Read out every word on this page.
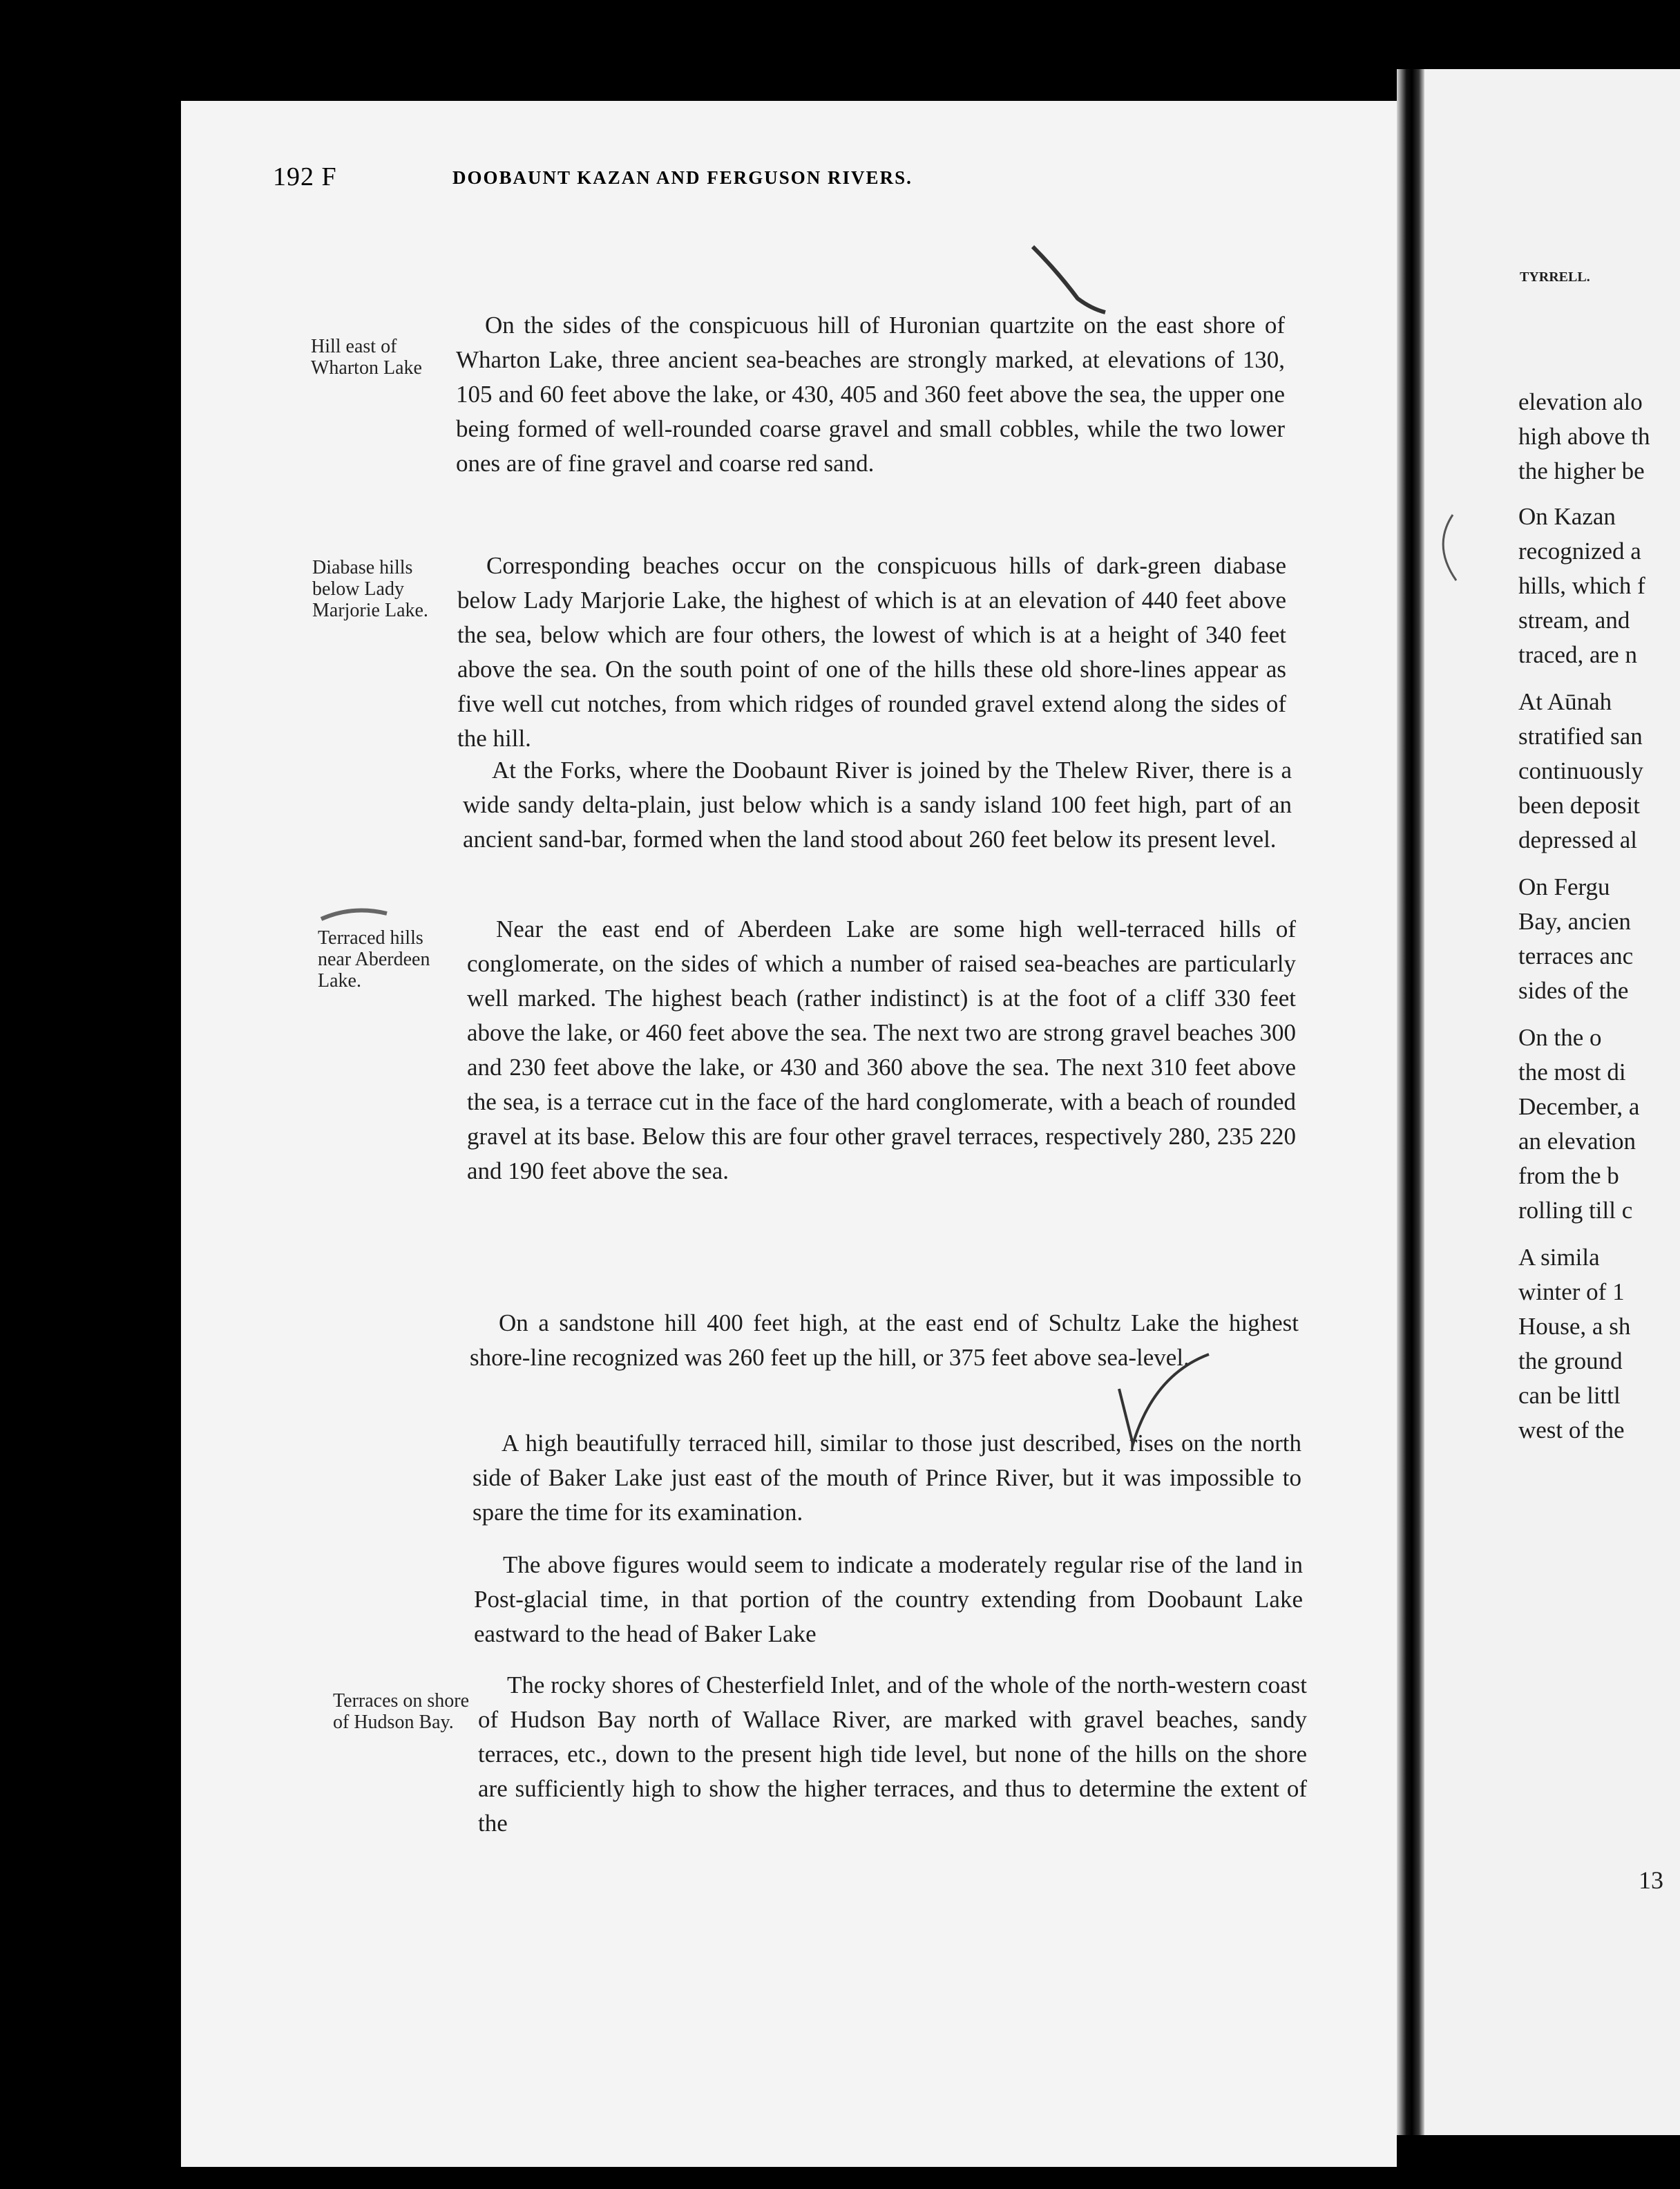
TYRRELL.
elevation alo
high above th
the higher be
On Kazan
recognized a
hills, which f
stream, and
traced, are n
At Aūnah
stratified san
continuously
been deposit
depressed al
On Fergu
Bay, ancien
terraces anc
sides of the
On the o
the most di
December, a
an elevation
from the b
rolling till c
A simila
winter of 1
House, a sh
the ground
can be littl
west of the
13
192 F	DOOBAUNT KAZAN AND FERGUSON RIVERS.
Hill east of Wharton Lake
Diabase hills below Lady Marjorie Lake.
Terraced hills near Aberdeen Lake.
Terraces on shore of Hudson Bay.

On the sides of the conspicuous hill of Huronian quartzite on the east shore of Wharton Lake, three ancient sea-beaches are strongly marked, at elevations of 130, 105 and 60 feet above the lake, or 430, 405 and 360 feet above the sea, the upper one being formed of well-rounded coarse gravel and small cobbles, while the two lower ones are of fine gravel and coarse red sand.

Corresponding beaches occur on the conspicuous hills of dark-green diabase below Lady Marjorie Lake, the highest of which is at an elevation of 440 feet above the sea, below which are four others, the lowest of which is at a height of 340 feet above the sea. On the south point of one of the hills these old shore-lines appear as five well cut notches, from which ridges of rounded gravel extend along the sides of the hill.

At the Forks, where the Doobaunt River is joined by the Thelew River, there is a wide sandy delta-plain, just below which is a sandy island 100 feet high, part of an ancient sand-bar, formed when the land stood about 260 feet below its present level.

Near the east end of Aberdeen Lake are some high well-terraced hills of conglomerate, on the sides of which a number of raised sea-beaches are particularly well marked. The highest beach (rather indistinct) is at the foot of a cliff 330 feet above the lake, or 460 feet above the sea. The next two are strong gravel beaches 300 and 230 feet above the lake, or 430 and 360 above the sea. The next 310 feet above the sea, is a terrace cut in the face of the hard conglomerate, with a beach of rounded gravel at its base. Below this are four other gravel terraces, respectively 280, 235 220 and 190 feet above the sea.

On a sandstone hill 400 feet high, at the east end of Schultz Lake the highest shore-line recognized was 260 feet up the hill, or 375 feet above sea-level.

A high beautifully terraced hill, similar to those just described, rises on the north side of Baker Lake just east of the mouth of Prince River, but it was impossible to spare the time for its examination.

The above figures would seem to indicate a moderately regular rise of the land in Post-glacial time, in that portion of the country extending from Doobaunt Lake eastward to the head of Baker Lake

The rocky shores of Chesterfield Inlet, and of the whole of the north-western coast of Hudson Bay north of Wallace River, are marked with gravel beaches, sandy terraces, etc., down to the present high tide level, but none of the hills on the shore are sufficiently high to show the higher terraces, and thus to determine the extent of the
